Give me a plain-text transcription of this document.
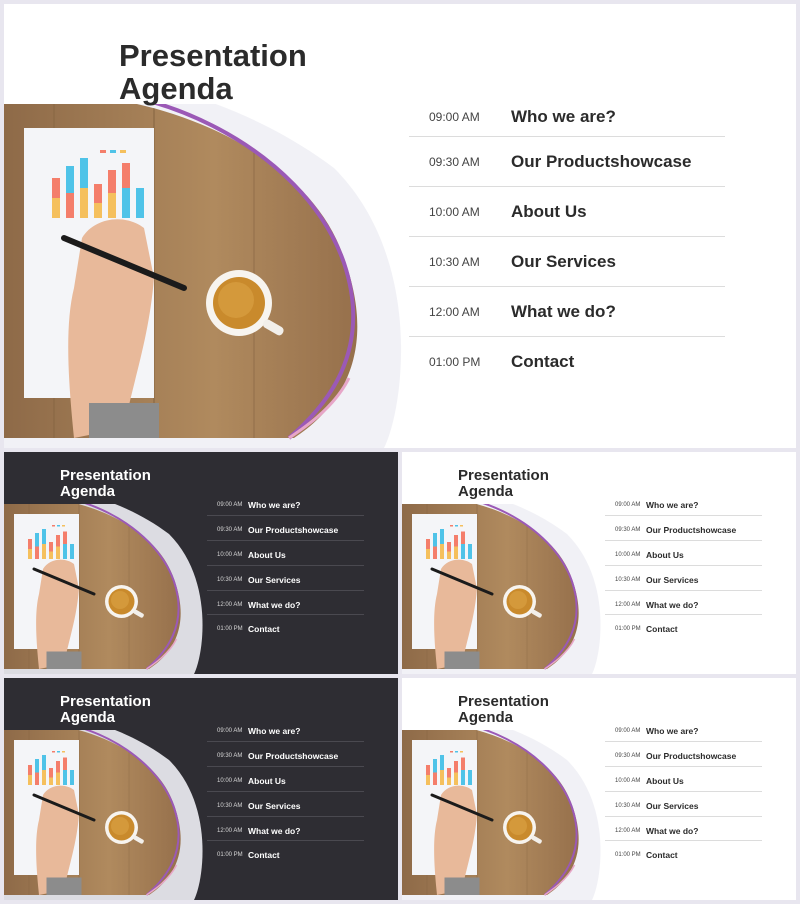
Presentation
Agenda
09:00 AM	Who we are?
09:30 AM	Our Productshowcase
10:00 AM	About Us
10:30 AM	Our Services
12:00 AM	What we do?
01:00 PM	Contact
Presentation
Agenda
09:00 AM Who we are?
09:30 AM Our Productshowcase
10:00 AM About Us
10:30 AM Our Services
12:00 AM What we do?
01:00 PM Contact
Presentation
Agenda
09:00 AM Who we are?
09:30 AM Our Productshowcase
10:00 AM About Us
10:30 AM Our Services
12:00 AM What we do?
01:00 PM Contact
Presentation
Agenda
09:00 AM Who we are?
09:30 AM Our Productshowcase
10:00 AM About Us
10:30 AM Our Services
12:00 AM What we do?
01:00 PM Contact
Presentation
Agenda
09:00 AM Who we are?
09:30 AM Our Productshowcase
10:00 AM About Us
10:30 AM Our Services
12:00 AM What we do?
01:00 PM Contact
